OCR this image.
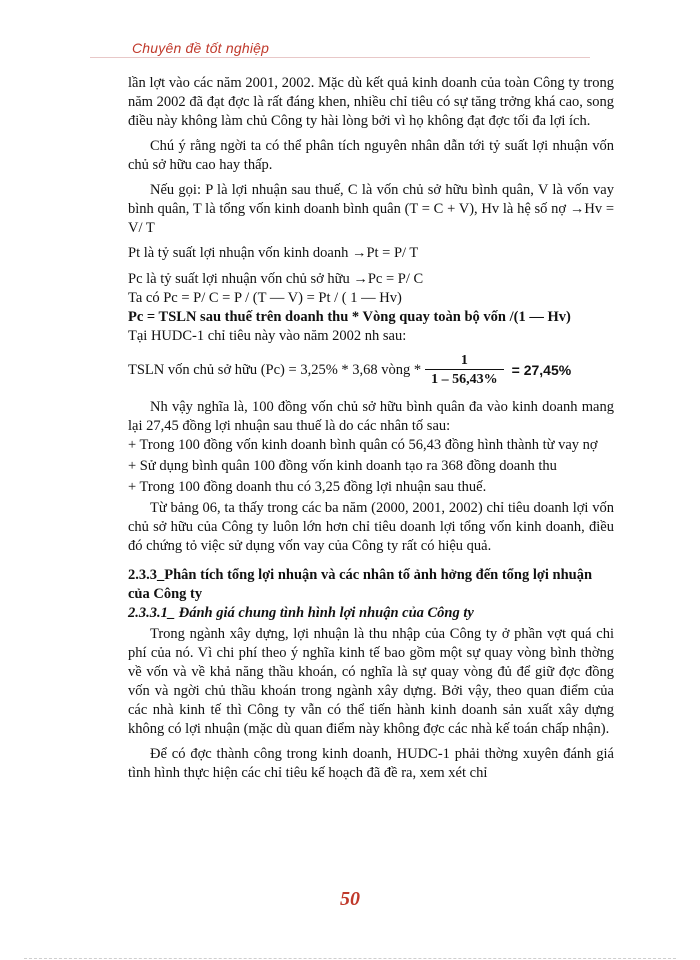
Chuyên đề tốt nghiệp

lần lợt vào các năm 2001, 2002. Mặc dù kết quả kinh doanh của toàn Công ty trong năm 2002 đã đạt đợc là rất đáng khen, nhiều chỉ tiêu có sự tăng trởng khá cao, song điều này không làm chủ Công ty hài lòng bởi vì họ không đạt đợc tối đa lợi ích.

Chú ý rằng ngời ta có thể phân tích nguyên nhân dẫn tới tỷ suất lợi nhuận vốn chủ sở hữu cao hay thấp.

Nếu gọi: P là lợi nhuận sau thuế, C là vốn chủ sở hữu bình quân, V là vốn vay bình quân, T là tổng vốn kinh doanh bình quân (T = C + V), Hv là hệ số nợ →Hv = V/ T

Pt là tỷ suất lợi nhuận vốn kinh doanh →Pt = P/ T

Pc là tỷ suất lợi nhuận vốn chủ sở hữu →Pc = P/ C

Ta có Pc = P/ C = P / (T — V) = Pt / ( 1 — Hv)

Pc = TSLN sau thuế trên doanh thu * Vòng quay toàn bộ vốn /(1 — Hv)

Tại HUDC-1 chỉ tiêu này vào năm 2002 nh sau:

TSLN vốn chủ sở hữu (Pc) = 3,25% * 3,68 vòng * $\frac{1}{1 - 56,43\%} = 27,45\%$

Nh vậy nghĩa là, 100 đồng vốn chủ sở hữu bình quân đa vào kinh doanh mang lại 27,45 đồng lợi nhuận sau thuế là do các nhân tố sau:

+ Trong 100 đồng vốn kinh doanh bình quân có 56,43 đồng hình thành từ vay nợ

+ Sử dụng bình quân 100 đồng vốn kinh doanh tạo ra 368 đồng doanh thu

+ Trong 100 đồng doanh thu có 3,25 đồng lợi nhuận sau thuế.

Từ bảng 06, ta thấy trong các ba năm (2000, 2001, 2002) chỉ tiêu doanh lợi vốn chủ sở hữu của Công ty luôn lớn hơn chỉ tiêu doanh lợi tổng vốn kinh doanh, điều đó chứng tỏ việc sử dụng vốn vay của Công ty rất có hiệu quả.

2.3.3_Phân tích tổng lợi nhuận và các nhân tố ảnh hởng đến tổng lợi nhuận của Công ty

2.3.3.1_ Đánh giá chung tình hình lợi nhuận của Công ty

Trong ngành xây dựng, lợi nhuận là thu nhập của Công ty ở phần vợt quá chi phí của nó. Vì chi phí theo ý nghĩa kinh tế bao gồm một sự quay vòng bình thờng về vốn và về khả năng thầu khoán, có nghĩa là sự quay vòng đủ để giữ đợc đồng vốn và ngời chủ thầu khoán trong ngành xây dựng. Bởi vậy, theo quan điểm của các nhà kinh tế thì Công ty vẫn có thể tiến hành kinh doanh sản xuất xây dựng không có lợi nhuận (mặc dù quan điểm này không đợc các nhà kế toán chấp nhận).

Để có đợc thành công trong kinh doanh, HUDC-1 phải thờng xuyên đánh giá tình hình thực hiện các chỉ tiêu kế hoạch đã đề ra, xem xét chỉ

50
